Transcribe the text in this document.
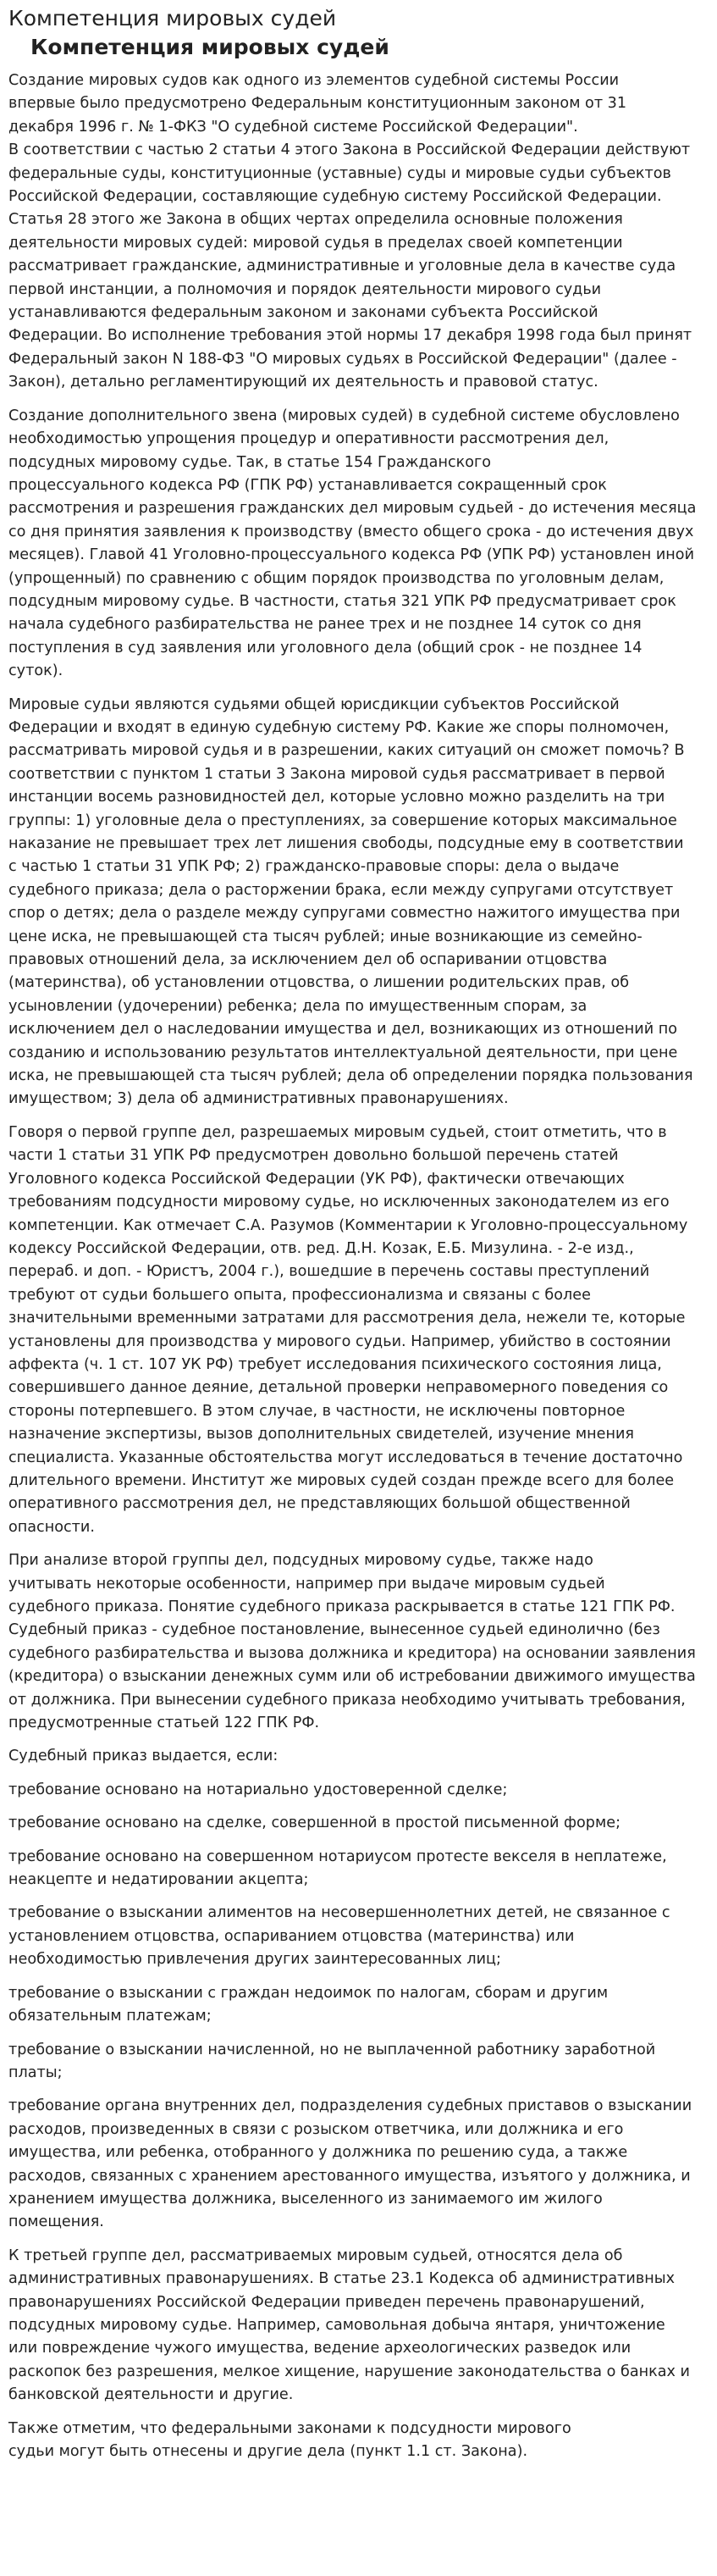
Компетенция мировых судей
Компетенция мировых судей
Создание мировых судов как одного из элементов судебной системы России
впервые было предусмотрено Федеральным конституционным законом от 31
декабря 1996 г. № 1-ФКЗ "О судебной системе Российской Федерации".
В соответствии с частью 2 статьи 4 этого Закона в Российской Федерации действуют
федеральные суды, конституционные (уставные) суды и мировые судьи субъектов
Российской Федерации, составляющие судебную систему Российской Федерации.
Статья 28 этого же Закона в общих чертах определила основные положения
деятельности мировых судей: мировой судья в пределах своей компетенции
рассматривает гражданские, административные и уголовные дела в качестве суда
первой инстанции, а полномочия и порядок деятельности мирового судьи
устанавливаются федеральным законом и законами субъекта Российской
Федерации. Во исполнение требования этой нормы 17 декабря 1998 года был принят
Федеральный закон N 188-ФЗ "О мировых судьях в Российской Федерации" (далее -
Закон), детально регламентирующий их деятельность и правовой статус.
Создание дополнительного звена (мировых судей) в судебной системе обусловлено
необходимостью упрощения процедур и оперативности рассмотрения дел,
подсудных мировому судье. Так, в статье 154 Гражданского
процессуального кодекса РФ (ГПК РФ) устанавливается сокращенный срок
рассмотрения и разрешения гражданских дел мировым судьей - до истечения месяца
со дня принятия заявления к производству (вместо общего срока - до истечения двух
месяцев). Главой 41 Уголовно-процессуального кодекса РФ (УПК РФ) установлен иной
(упрощенный) по сравнению с общим порядок производства по уголовным делам,
подсудным мировому судье. В частности, статья 321 УПК РФ предусматривает срок
начала судебного разбирательства не ранее трех и не позднее 14 суток со дня
поступления в суд заявления или уголовного дела (общий срок - не позднее 14
суток).
Мировые судьи являются судьями общей юрисдикции субъектов Российской
Федерации и входят в единую судебную систему РФ. Какие же споры полномочен,
рассматривать мировой судья и в разрешении, каких ситуаций он сможет помочь? В
соответствии с пунктом 1 статьи 3 Закона мировой судья рассматривает в первой
инстанции восемь разновидностей дел, которые условно можно разделить на три
группы: 1) уголовные дела о преступлениях, за совершение которых максимальное
наказание не превышает трех лет лишения свободы, подсудные ему в соответствии
с частью 1 статьи 31 УПК РФ; 2) гражданско-правовые споры: дела о выдаче
судебного приказа; дела о расторжении брака, если между супругами отсутствует
спор о детях; дела о разделе между супругами совместно нажитого имущества при
цене иска, не превышающей ста тысяч рублей; иные возникающие из семейно-
правовых отношений дела, за исключением дел об оспаривании отцовства
(материнства), об установлении отцовства, о лишении родительских прав, об
усыновлении (удочерении) ребенка; дела по имущественным спорам, за
исключением дел о наследовании имущества и дел, возникающих из отношений по
созданию и использованию результатов интеллектуальной деятельности, при цене
иска, не превышающей ста тысяч рублей; дела об определении порядка пользования
имуществом; 3) дела об административных правонарушениях.
Говоря о первой группе дел, разрешаемых мировым судьей, стоит отметить, что в
части 1 статьи 31 УПК РФ предусмотрен довольно большой перечень статей
Уголовного кодекса Российской Федерации (УК РФ), фактически отвечающих
требованиям подсудности мировому судье, но исключенных законодателем из его
компетенции. Как отмечает С.А. Разумов (Комментарии к Уголовно-процессуальному
кодексу Российской Федерации, отв. ред. Д.Н. Козак, Е.Б. Мизулина. - 2-е изд.,
перераб. и доп. - Юристъ, 2004 г.), вошедшие в перечень составы преступлений
требуют от судьи большего опыта, профессионализма и связаны с более
значительными временными затратами для рассмотрения дела, нежели те, которые
установлены для производства у мирового судьи. Например, убийство в состоянии
аффекта (ч. 1 ст. 107 УК РФ) требует исследования психического состояния лица,
совершившего данное деяние, детальной проверки неправомерного поведения со
стороны потерпевшего. В этом случае, в частности, не исключены повторное
назначение экспертизы, вызов дополнительных свидетелей, изучение мнения
специалиста. Указанные обстоятельства могут исследоваться в течение достаточно
длительного времени. Институт же мировых судей создан прежде всего для более
оперативного рассмотрения дел, не представляющих большой общественной
опасности.
При анализе второй группы дел, подсудных мировому судье, также надо
учитывать некоторые особенности, например при выдаче мировым судьей
судебного приказа. Понятие судебного приказа раскрывается в статье 121 ГПК РФ.
Судебный приказ - судебное постановление, вынесенное судьей единолично (без
судебного разбирательства и вызова должника и кредитора) на основании заявления
(кредитора) о взыскании денежных сумм или об истребовании движимого имущества
от должника. При вынесении судебного приказа необходимо учитывать требования,
предусмотренные статьей 122 ГПК РФ.
Судебный приказ выдается, если:
требование основано на нотариально удостоверенной сделке;
требование основано на сделке, совершенной в простой письменной форме;
требование основано на совершенном нотариусом протесте векселя в неплатеже,
неакцепте и недатировании акцепта;
требование о взыскании алиментов на несовершеннолетних детей, не связанное с
установлением отцовства, оспариванием отцовства (материнства) или
необходимостью привлечения других заинтересованных лиц;
требование о взыскании с граждан недоимок по налогам, сборам и другим
обязательным платежам;
требование о взыскании начисленной, но не выплаченной работнику заработной
платы;
требование органа внутренних дел, подразделения судебных приставов о взыскании
расходов, произведенных в связи с розыском ответчика, или должника и его
имущества, или ребенка, отобранного у должника по решению суда, а также
расходов, связанных с хранением арестованного имущества, изъятого у должника, и
хранением имущества должника, выселенного из занимаемого им жилого
помещения.
К третьей группе дел, рассматриваемых мировым судьей, относятся дела об
административных правонарушениях. В статье 23.1 Кодекса об административных
правонарушениях Российской Федерации приведен перечень правонарушений,
подсудных мировому судье. Например, самовольная добыча янтаря, уничтожение
или повреждение чужого имущества, ведение археологических разведок или
раскопок без разрешения, мелкое хищение, нарушение законодательства о банках и
банковской деятельности и другие.
Также отметим, что федеральными законами к подсудности мирового
судьи могут быть отнесены и другие дела (пункт 1.1 ст. Закона).
